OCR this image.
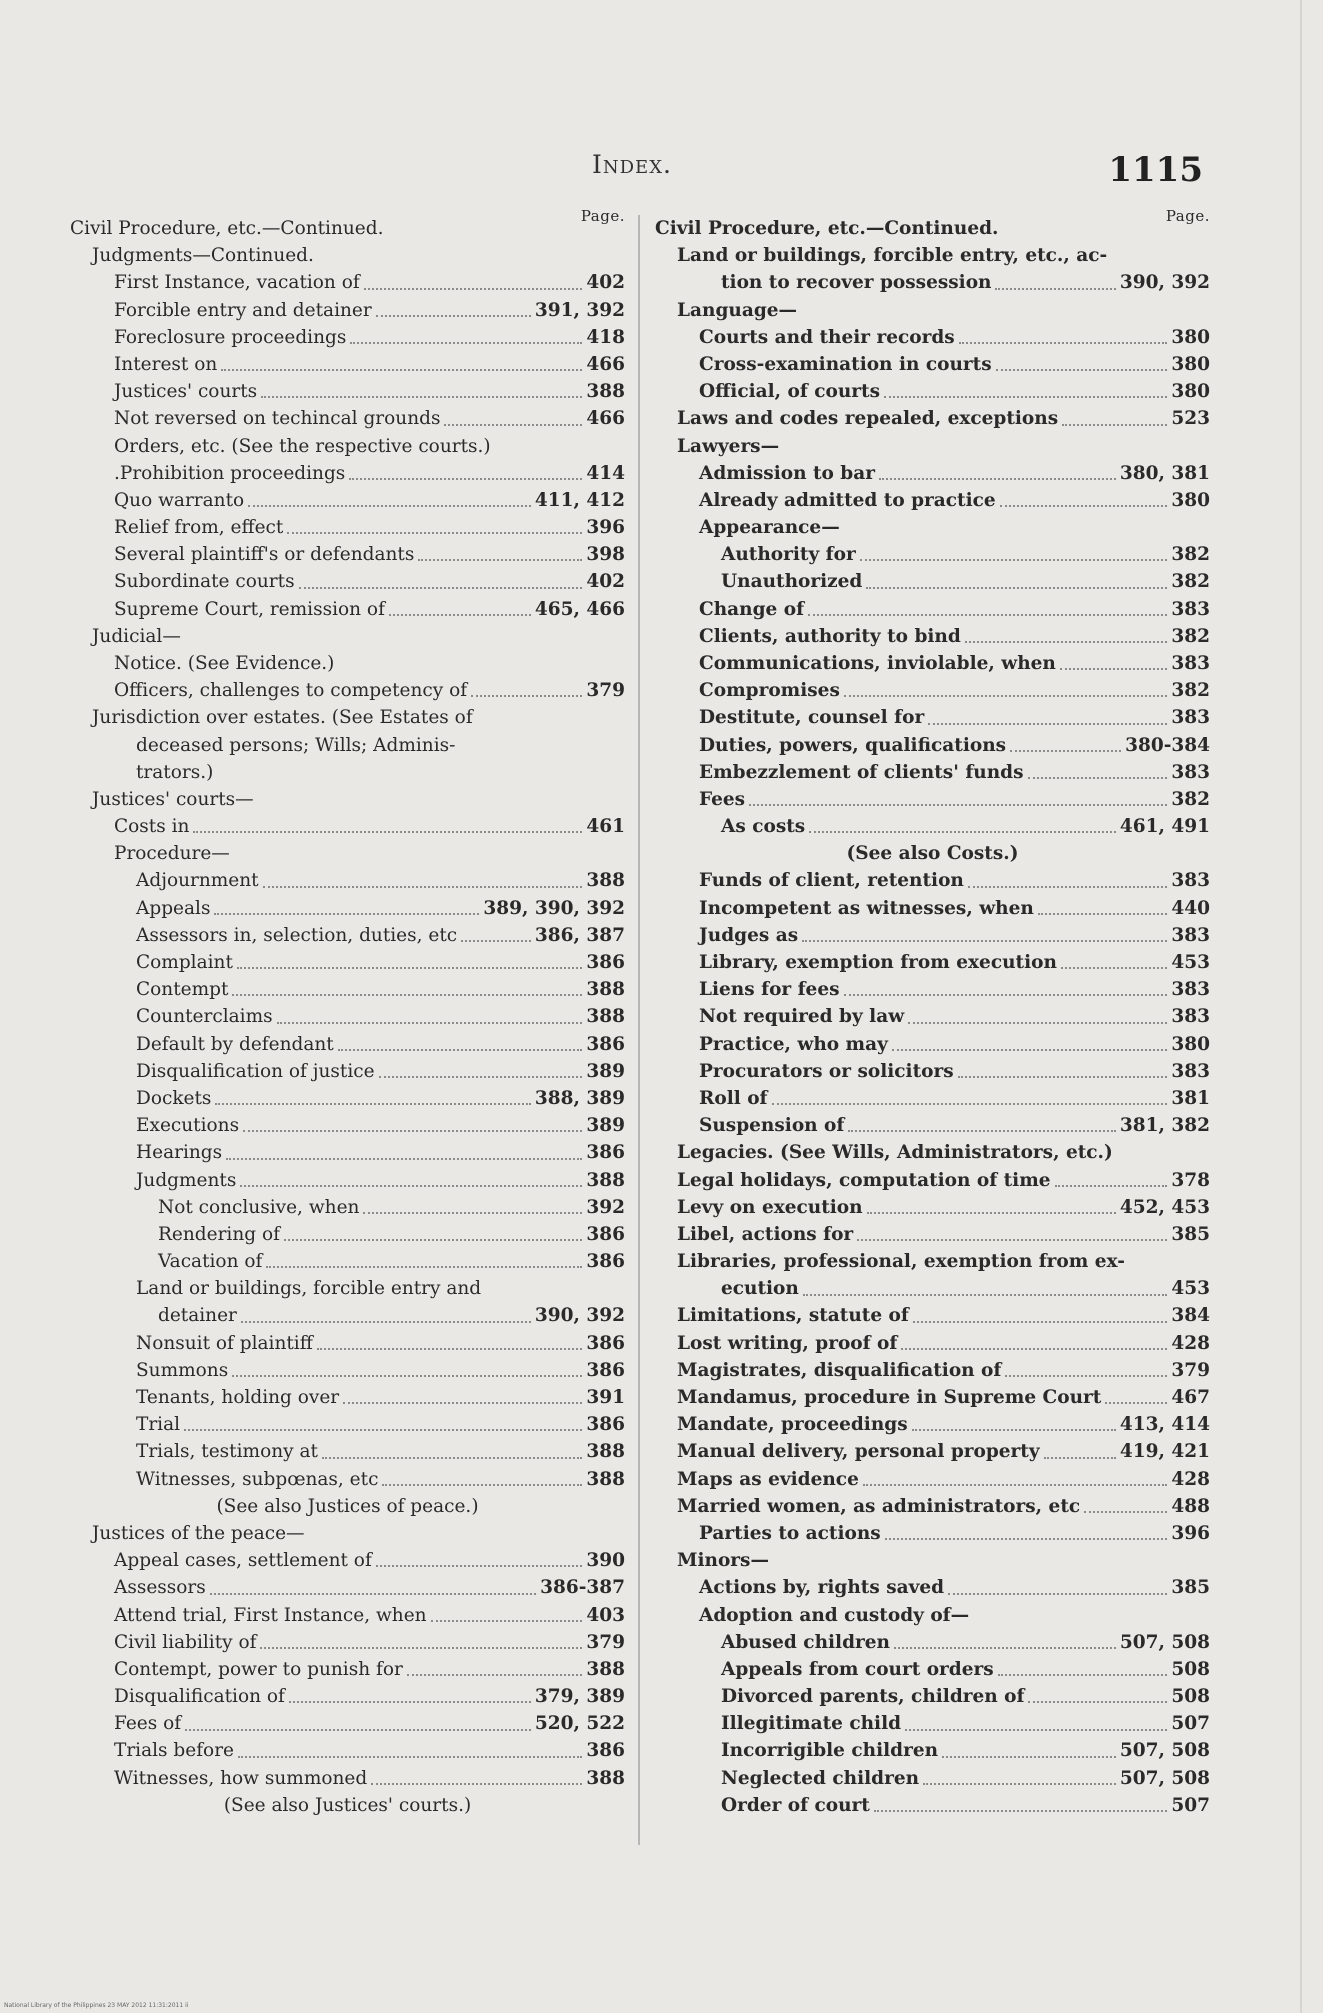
Index.	1115
Page.
Civil Procedure, etc.—Continued.
Judgments—Continued.
First Instance, vacation of	402
Forcible entry and detainer	391, 392
Foreclosure proceedings	418
Interest on	466
Justices' courts	388
Not reversed on techincal grounds	466
Orders, etc. (See the respective courts.)
.Prohibition proceedings	414
Quo warranto	411, 412
Relief from, effect	396
Several plaintiff's or defendants	398
Subordinate courts	402
Supreme Court, remission of	465, 466
Judicial—
Notice. (See Evidence.)
Officers, challenges to competency of	379
Jurisdiction over estates. (See Estates of
deceased persons; Wills; Adminis-
trators.)
Justices' courts—
Costs in	461
Procedure—
Adjournment	388
Appeals	389, 390, 392
Assessors in, selection, duties, etc	386, 387
Complaint	386
Contempt	388
Counterclaims	388
Default by defendant	386
Disqualification of justice	389
Dockets	388, 389
Executions	389
Hearings	386
Judgments	388
Not conclusive, when	392
Rendering of	386
Vacation of	386
Land or buildings, forcible entry and
detainer	390, 392
Nonsuit of plaintiff	386
Summons	386
Tenants, holding over	391
Trial	386
Trials, testimony at	388
Witnesses, subpœnas, etc	388
(See also Justices of peace.)
Justices of the peace—
Appeal cases, settlement of	390
Assessors	386-387
Attend trial, First Instance, when	403
Civil liability of	379
Contempt, power to punish for	388
Disqualification of	379, 389
Fees of	520, 522
Trials before	386
Witnesses, how summoned	388
(See also Justices' courts.)
Page.
Civil Procedure, etc.—Continued.
Land or buildings, forcible entry, etc., ac-
tion to recover possession	390, 392
Language—
Courts and their records	380
Cross-examination in courts	380
Official, of courts	380
Laws and codes repealed, exceptions	523
Lawyers—
Admission to bar	380, 381
Already admitted to practice	380
Appearance—
Authority for	382
Unauthorized	382
Change of	383
Clients, authority to bind	382
Communications, inviolable, when	383
Compromises	382
Destitute, counsel for	383
Duties, powers, qualifications	380-384
Embezzlement of clients' funds	383
Fees	382
As costs	461, 491
(See also Costs.)
Funds of client, retention	383
Incompetent as witnesses, when	440
Judges as	383
Library, exemption from execution	453
Liens for fees	383
Not required by law	383
Practice, who may	380
Procurators or solicitors	383
Roll of	381
Suspension of	381, 382
Legacies. (See Wills, Administrators, etc.)
Legal holidays, computation of time	378
Levy on execution	452, 453
Libel, actions for	385
Libraries, professional, exemption from ex-
ecution	453
Limitations, statute of	384
Lost writing, proof of	428
Magistrates, disqualification of	379
Mandamus, procedure in Supreme Court	467
Mandate, proceedings	413, 414
Manual delivery, personal property	419, 421
Maps as evidence	428
Married women, as administrators, etc	488
Parties to actions	396
Minors—
Actions by, rights saved	385
Adoption and custody of—
Abused children	507, 508
Appeals from court orders	508
Divorced parents, children of	508
Illegitimate child	507
Incorrigible children	507, 508
Neglected children	507, 508
Order of court	507
National Library of the Philippines 23 MAY 2012 11:31:2011 ii
